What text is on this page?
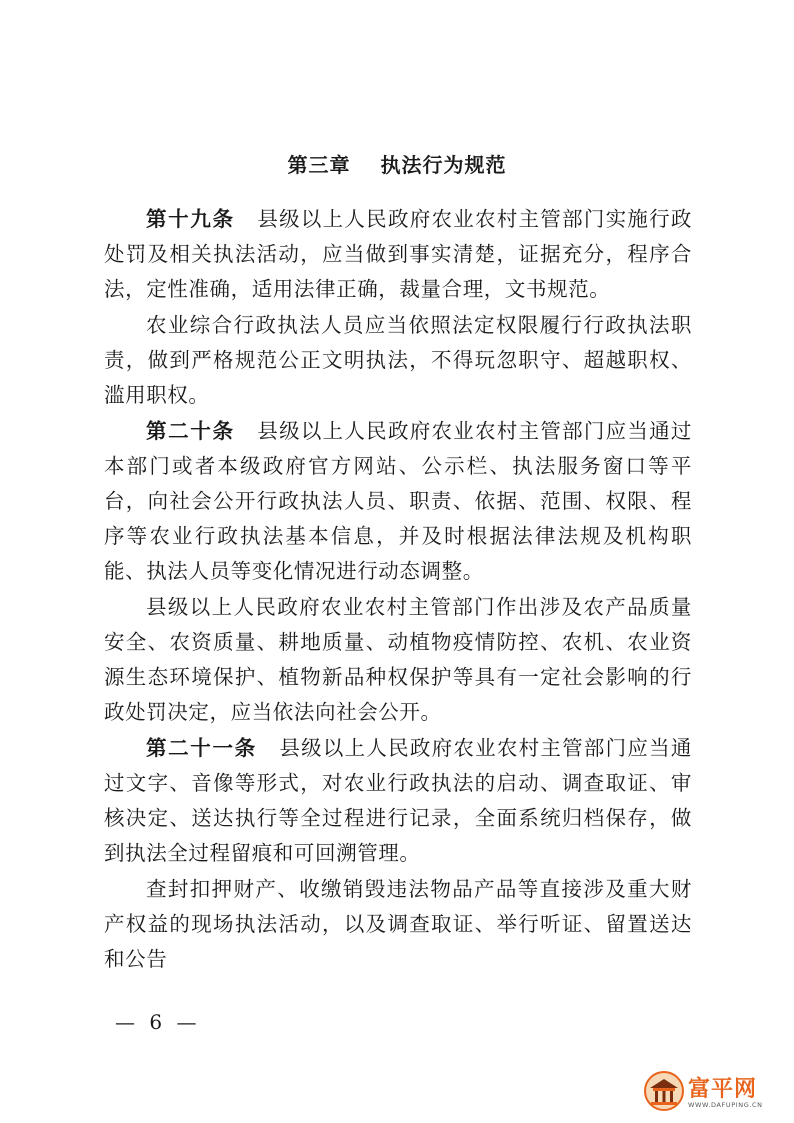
第三章 执法行为规范

第十九条 县级以上人民政府农业农村主管部门实施行政处罚及相关执法活动，应当做到事实清楚，证据充分，程序合法，定性准确，适用法律正确，裁量合理，文书规范。

农业综合行政执法人员应当依照法定权限履行行政执法职责，做到严格规范公正文明执法，不得玩忽职守、超越职权、滥用职权。

第二十条 县级以上人民政府农业农村主管部门应当通过本部门或者本级政府官方网站、公示栏、执法服务窗口等平台，向社会公开行政执法人员、职责、依据、范围、权限、程序等农业行政执法基本信息，并及时根据法律法规及机构职能、执法人员等变化情况进行动态调整。

县级以上人民政府农业农村主管部门作出涉及农产品质量安全、农资质量、耕地质量、动植物疫情防控、农机、农业资源生态环境保护、植物新品种权保护等具有一定社会影响的行政处罚决定，应当依法向社会公开。

第二十一条 县级以上人民政府农业农村主管部门应当通过文字、音像等形式，对农业行政执法的启动、调查取证、审核决定、送达执行等全过程进行记录，全面系统归档保存，做到执法全过程留痕和可回溯管理。

查封扣押财产、收缴销毁违法物品产品等直接涉及重大财产权益的现场执法活动，以及调查取证、举行听证、留置送达和公告

— 6 —
富平网
WWW.DAFUPING.CN
